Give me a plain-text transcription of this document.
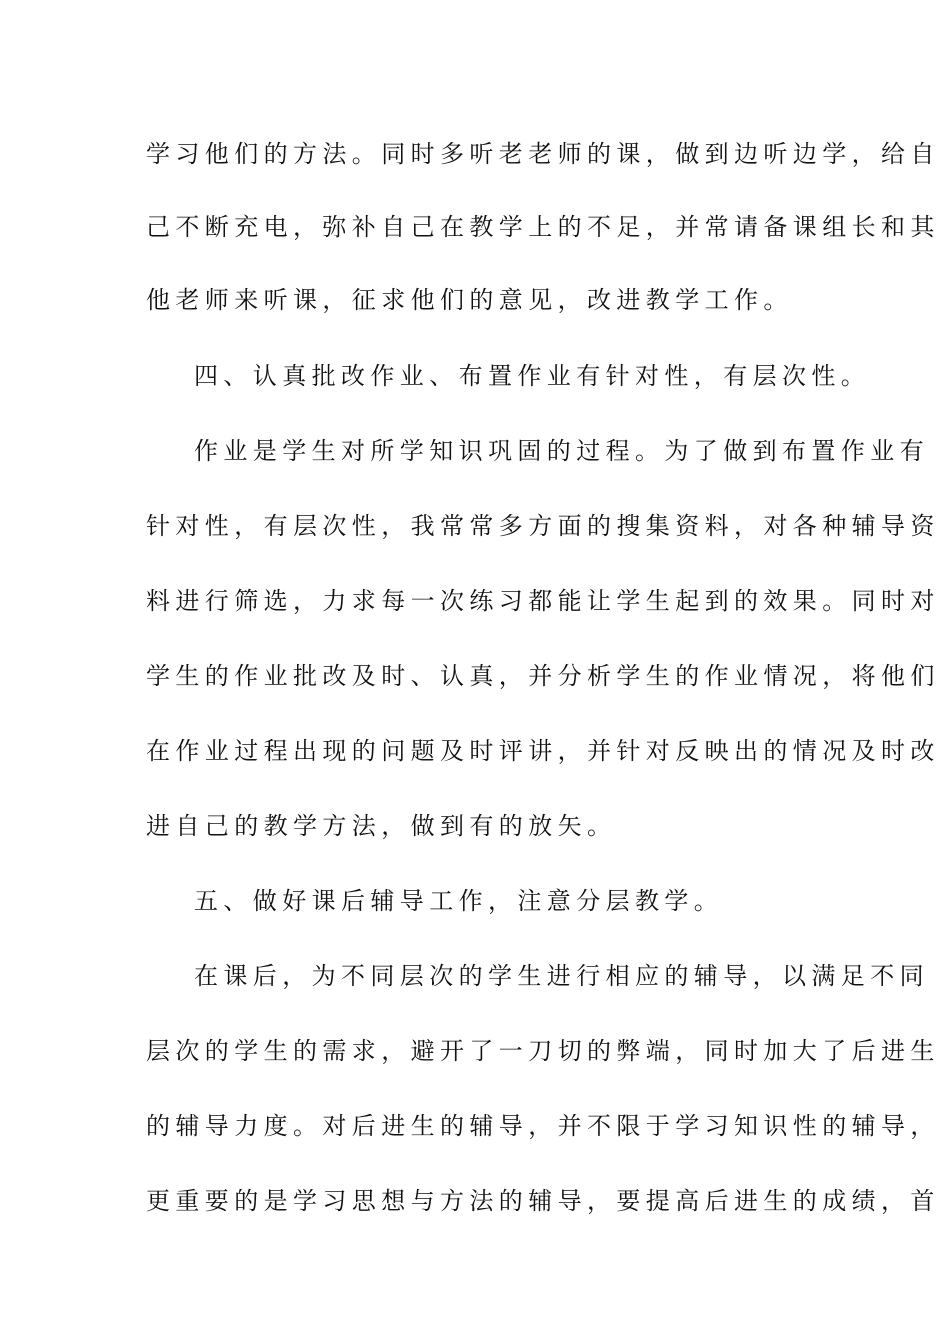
学习他们的方法。同时多听老老师的课，做到边听边学，给自
己不断充电，弥补自己在教学上的不足，并常请备课组长和其
他老师来听课，征求他们的意见，改进教学工作。
四、认真批改作业、布置作业有针对性，有层次性。
作业是学生对所学知识巩固的过程。为了做到布置作业有
针对性，有层次性，我常常多方面的搜集资料，对各种辅导资
料进行筛选，力求每一次练习都能让学生起到的效果。同时对
学生的作业批改及时、认真，并分析学生的作业情况，将他们
在作业过程出现的问题及时评讲，并针对反映出的情况及时改
进自己的教学方法，做到有的放矢。
五、做好课后辅导工作，注意分层教学。
在课后，为不同层次的学生进行相应的辅导，以满足不同
层次的学生的需求，避开了一刀切的弊端，同时加大了后进生
的辅导力度。对后进生的辅导，并不限于学习知识性的辅导，
更重要的是学习思想与方法的辅导，要提高后进生的成绩，首
